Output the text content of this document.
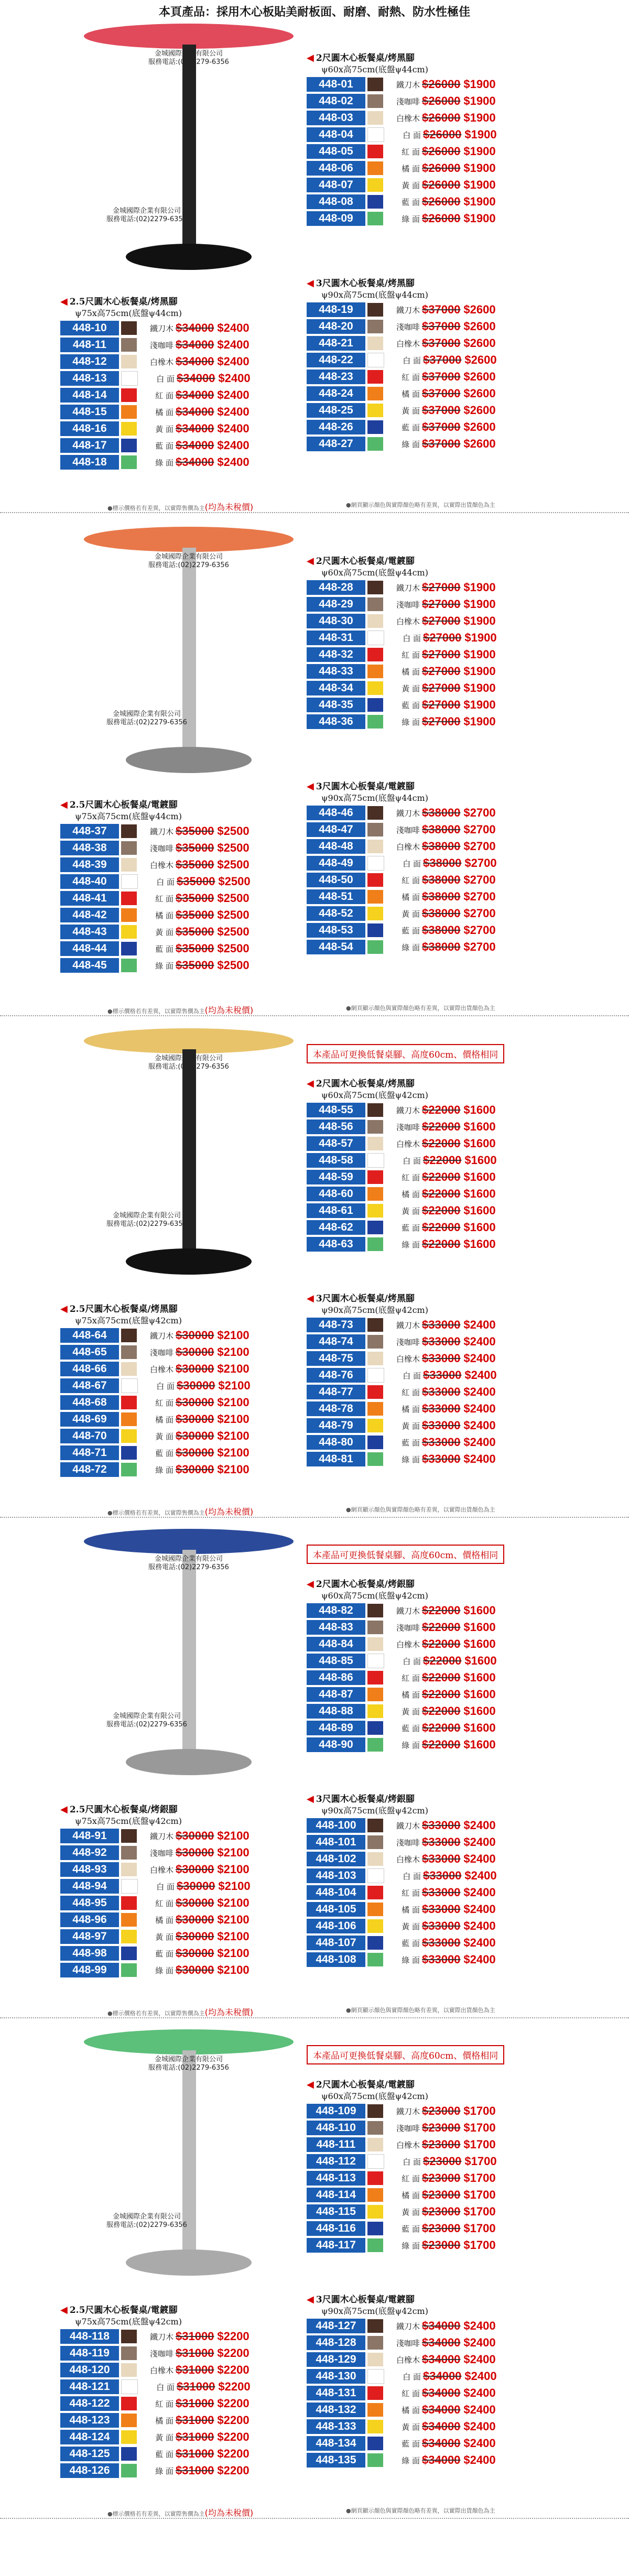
本頁產品：採用木心板貼美耐板面、耐磨、耐熱、防水性極佳
金城國際企業有限公司
服務電話:(02)2279-6356
金城國際企業有限公司
服務電話:(02)2279-6356
◀ 2尺圓木心板餐桌/烤黑腳
ψ60x高75cm(底盤ψ44cm)
448-01	鐵刀木 $26000 $1900
448-02	淺咖啡 $26000 $1900
448-03	白橡木 $26000 $1900
448-04	白 面 $26000 $1900
448-05	紅 面 $26000 $1900
448-06	橘 面 $26000 $1900
448-07	黃 面 $26000 $1900
448-08	藍 面 $26000 $1900
448-09	綠 面 $26000 $1900
◀ 2.5尺圓木心板餐桌/烤黑腳
ψ75x高75cm(底盤ψ44cm)
448-10	鐵刀木 $34000 $2400
448-11	淺咖啡 $34000 $2400
448-12	白橡木 $34000 $2400
448-13	白 面 $34000 $2400
448-14	紅 面 $34000 $2400
448-15	橘 面 $34000 $2400
448-16	黃 面 $34000 $2400
448-17	藍 面 $34000 $2400
448-18	綠 面 $34000 $2400
◀ 3尺圓木心板餐桌/烤黑腳
ψ90x高75cm(底盤ψ44cm)
448-19	鐵刀木 $37000 $2600
448-20	淺咖啡 $37000 $2600
448-21	白橡木 $37000 $2600
448-22	白 面 $37000 $2600
448-23	紅 面 $37000 $2600
448-24	橘 面 $37000 $2600
448-25	黃 面 $37000 $2600
448-26	藍 面 $37000 $2600
448-27	綠 面 $37000 $2600
●標示價格若有差異，以實際售價為主(均為未稅價)	●網頁顯示顏色與實際顏色略有差異，以實際出貨顏色為主
金城國際企業有限公司
服務電話:(02)2279-6356
金城國際企業有限公司
服務電話:(02)2279-6356
◀ 2尺圓木心板餐桌/電鍍腳
ψ60x高75cm(底盤ψ44cm)
448-28	鐵刀木 $27000 $1900
448-29	淺咖啡 $27000 $1900
448-30	白橡木 $27000 $1900
448-31	白 面 $27000 $1900
448-32	紅 面 $27000 $1900
448-33	橘 面 $27000 $1900
448-34	黃 面 $27000 $1900
448-35	藍 面 $27000 $1900
448-36	綠 面 $27000 $1900
◀ 2.5尺圓木心板餐桌/電鍍腳
ψ75x高75cm(底盤ψ44cm)
448-37	鐵刀木 $35000 $2500
448-38	淺咖啡 $35000 $2500
448-39	白橡木 $35000 $2500
448-40	白 面 $35000 $2500
448-41	紅 面 $35000 $2500
448-42	橘 面 $35000 $2500
448-43	黃 面 $35000 $2500
448-44	藍 面 $35000 $2500
448-45	綠 面 $35000 $2500
◀ 3尺圓木心板餐桌/電鍍腳
ψ90x高75cm(底盤ψ44cm)
448-46	鐵刀木 $38000 $2700
448-47	淺咖啡 $38000 $2700
448-48	白橡木 $38000 $2700
448-49	白 面 $38000 $2700
448-50	紅 面 $38000 $2700
448-51	橘 面 $38000 $2700
448-52	黃 面 $38000 $2700
448-53	藍 面 $38000 $2700
448-54	綠 面 $38000 $2700
●標示價格若有差異，以實際售價為主(均為未稅價)	●網頁顯示顏色與實際顏色略有差異，以實際出貨顏色為主
金城國際企業有限公司
服務電話:(02)2279-6356
金城國際企業有限公司
服務電話:(02)2279-6356
本產品可更換低餐桌腳、高度60cm、價格相同
◀ 2尺圓木心板餐桌/烤黑腳
ψ60x高75cm(底盤ψ42cm)
448-55	鐵刀木 $22000 $1600
448-56	淺咖啡 $22000 $1600
448-57	白橡木 $22000 $1600
448-58	白 面 $22000 $1600
448-59	紅 面 $22000 $1600
448-60	橘 面 $22000 $1600
448-61	黃 面 $22000 $1600
448-62	藍 面 $22000 $1600
448-63	綠 面 $22000 $1600
◀ 2.5尺圓木心板餐桌/烤黑腳
ψ75x高75cm(底盤ψ42cm)
448-64	鐵刀木 $30000 $2100
448-65	淺咖啡 $30000 $2100
448-66	白橡木 $30000 $2100
448-67	白 面 $30000 $2100
448-68	紅 面 $30000 $2100
448-69	橘 面 $30000 $2100
448-70	黃 面 $30000 $2100
448-71	藍 面 $30000 $2100
448-72	綠 面 $30000 $2100
◀ 3尺圓木心板餐桌/烤黑腳
ψ90x高75cm(底盤ψ42cm)
448-73	鐵刀木 $33000 $2400
448-74	淺咖啡 $33000 $2400
448-75	白橡木 $33000 $2400
448-76	白 面 $33000 $2400
448-77	紅 面 $33000 $2400
448-78	橘 面 $33000 $2400
448-79	黃 面 $33000 $2400
448-80	藍 面 $33000 $2400
448-81	綠 面 $33000 $2400
●標示價格若有差異，以實際售價為主(均為未稅價)	●網頁顯示顏色與實際顏色略有差異，以實際出貨顏色為主
金城國際企業有限公司
服務電話:(02)2279-6356
金城國際企業有限公司
服務電話:(02)2279-6356
本產品可更換低餐桌腳、高度60cm、價格相同
◀ 2尺圓木心板餐桌/烤銀腳
ψ60x高75cm(底盤ψ42cm)
448-82	鐵刀木 $22000 $1600
448-83	淺咖啡 $22000 $1600
448-84	白橡木 $22000 $1600
448-85	白 面 $22000 $1600
448-86	紅 面 $22000 $1600
448-87	橘 面 $22000 $1600
448-88	黃 面 $22000 $1600
448-89	藍 面 $22000 $1600
448-90	綠 面 $22000 $1600
◀ 2.5尺圓木心板餐桌/烤銀腳
ψ75x高75cm(底盤ψ42cm)
448-91	鐵刀木 $30000 $2100
448-92	淺咖啡 $30000 $2100
448-93	白橡木 $30000 $2100
448-94	白 面 $30000 $2100
448-95	紅 面 $30000 $2100
448-96	橘 面 $30000 $2100
448-97	黃 面 $30000 $2100
448-98	藍 面 $30000 $2100
448-99	綠 面 $30000 $2100
◀ 3尺圓木心板餐桌/烤銀腳
ψ90x高75cm(底盤ψ42cm)
448-100	鐵刀木 $33000 $2400
448-101	淺咖啡 $33000 $2400
448-102	白橡木 $33000 $2400
448-103	白 面 $33000 $2400
448-104	紅 面 $33000 $2400
448-105	橘 面 $33000 $2400
448-106	黃 面 $33000 $2400
448-107	藍 面 $33000 $2400
448-108	綠 面 $33000 $2400
●標示價格若有差異，以實際售價為主(均為未稅價)	●網頁顯示顏色與實際顏色略有差異，以實際出貨顏色為主
金城國際企業有限公司
服務電話:(02)2279-6356
金城國際企業有限公司
服務電話:(02)2279-6356
本產品可更換低餐桌腳、高度60cm、價格相同
◀ 2尺圓木心板餐桌/電鍍腳
ψ60x高75cm(底盤ψ42cm)
448-109	鐵刀木 $23000 $1700
448-110	淺咖啡 $23000 $1700
448-111	白橡木 $23000 $1700
448-112	白 面 $23000 $1700
448-113	紅 面 $23000 $1700
448-114	橘 面 $23000 $1700
448-115	黃 面 $23000 $1700
448-116	藍 面 $23000 $1700
448-117	綠 面 $23000 $1700
◀ 2.5尺圓木心板餐桌/電鍍腳
ψ75x高75cm(底盤ψ42cm)
448-118	鐵刀木 $31000 $2200
448-119	淺咖啡 $31000 $2200
448-120	白橡木 $31000 $2200
448-121	白 面 $31000 $2200
448-122	紅 面 $31000 $2200
448-123	橘 面 $31000 $2200
448-124	黃 面 $31000 $2200
448-125	藍 面 $31000 $2200
448-126	綠 面 $31000 $2200
◀ 3尺圓木心板餐桌/電鍍腳
ψ90x高75cm(底盤ψ42cm)
448-127	鐵刀木 $34000 $2400
448-128	淺咖啡 $34000 $2400
448-129	白橡木 $34000 $2400
448-130	白 面 $34000 $2400
448-131	紅 面 $34000 $2400
448-132	橘 面 $34000 $2400
448-133	黃 面 $34000 $2400
448-134	藍 面 $34000 $2400
448-135	綠 面 $34000 $2400
●標示價格若有差異，以實際售價為主(均為未稅價)	●網頁顯示顏色與實際顏色略有差異，以實際出貨顏色為主
